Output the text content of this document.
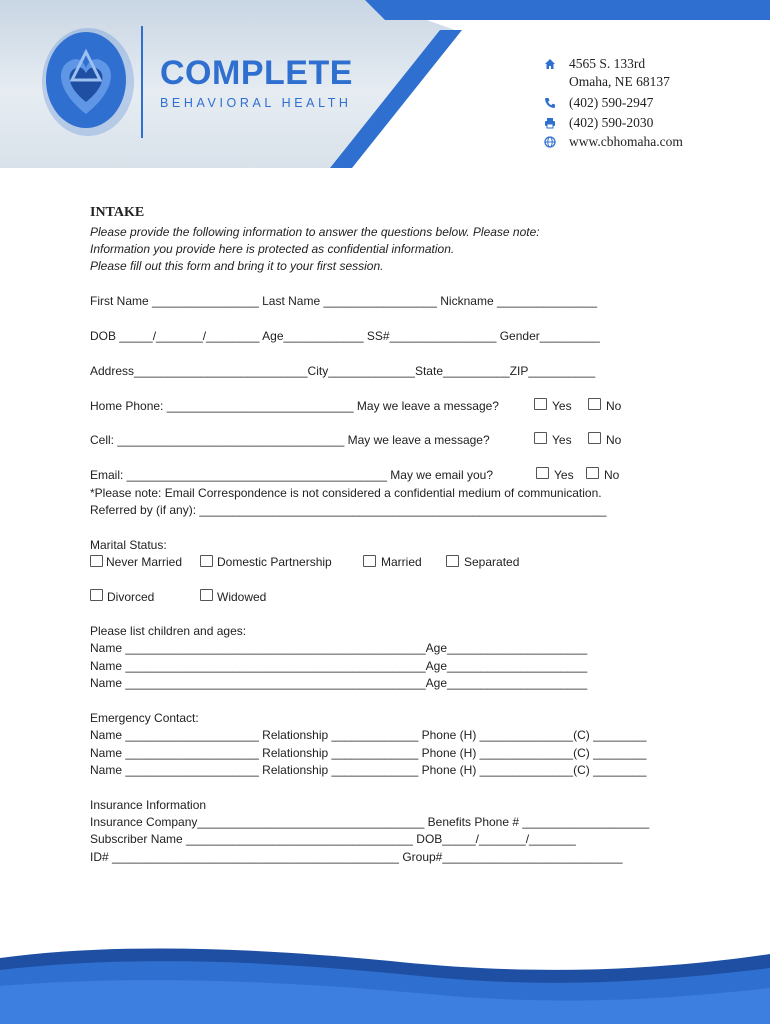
COMPLETE
BEHAVIORAL HEALTH
4565 S. 133rd
Omaha, NE 68137
(402) 590-2947
(402) 590-2030
www.cbhomaha.com
INTAKE
Please provide the following information to answer the questions below. Please note:
Information you provide here is protected as confidential information.
Please fill out this form and bring it to your first session.
First Name ________________ Last Name _________________ Nickname _______________
DOB _____/_______/________ Age____________ SS#________________ Gender_________
Address__________________________City_____________State__________ZIP__________
Home Phone: ____________________________ May we leave a message?	Yes	No
Cell: __________________________________ May we leave a message?	Yes	No
Email: _______________________________________ May we email you?	Yes	No
*Please note: Email Correspondence is not considered a confidential medium of communication.
Referred by (if any): _____________________________________________________________
Marital Status:
Never Married	Domestic Partnership	Married	Separated
Divorced	Widowed
Please list children and ages:
Name _____________________________________________Age_____________________
Name _____________________________________________Age_____________________
Name _____________________________________________Age_____________________
Emergency Contact:
Name ____________________ Relationship _____________ Phone (H) ______________(C) ________
Name ____________________ Relationship _____________ Phone (H) ______________(C) ________
Name ____________________ Relationship _____________ Phone (H) ______________(C) ________
Insurance Information
Insurance Company__________________________________ Benefits Phone # ___________________
Subscriber Name __________________________________ DOB_____/_______/_______
ID# ___________________________________________ Group#___________________________
